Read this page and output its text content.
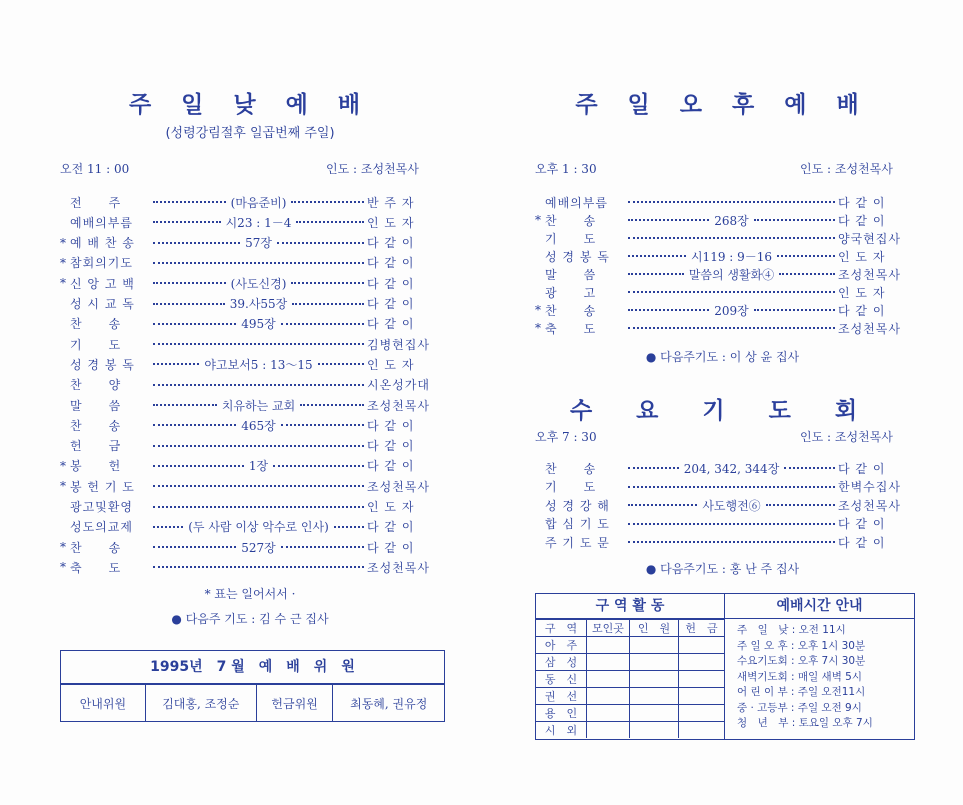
주 일 낮 예 배
(성령강림절후 일곱번째 주일)
오전 11 : 00	인도 : 조성천목사
전　　주	(마음준비)	반 주 자
예배의부름	시23 : 1－4	인 도 자
* 예 배 찬 송	57장	다 같 이
* 참회의기도	다 같 이
* 신 앙 고 백	(사도신경)	다 같 이
성 시 교 독	39.사55장	다 같 이
찬　　송	495장	다 같 이
기　　도	김병현집사
성 경 봉 독	야고보서5 : 13～15	인 도 자
찬　　양	시온성가대
말　　씀	치유하는 교회	조성천목사
찬　　송	465장	다 같 이
헌　　금	다 같 이
* 봉　　헌	1장	다 같 이
* 봉 헌 기 도	조성천목사
광고및환영	인 도 자
성도의교제	(두 사람 이상 악수로 인사)	다 같 이
* 찬　　송	527장	다 같 이
* 축　　도	조성천목사
* 표는 일어서서 ·
● 다음주 기도 : 김 수 근 집사
1995년　7 월　예　배　위　원
안내위원	김대홍, 조정순	헌금위원	최동혜, 권유정
주 일 오 후 예 배
오후 1 : 30	인도 : 조성천목사
예배의부름	다 같 이
* 찬　　송	268장	다 같 이
기　　도	양국현집사
성 경 봉 독	시119 : 9－16	인 도 자
말　　씀	말씀의 생활화④	조성천목사
광　　고	인 도 자
* 찬　　송	209장	다 같 이
* 축　　도	조성천목사
● 다음주기도 : 이 상 윤 집사
수 요 기 도 회
오후 7 : 30	인도 : 조성천목사
찬　　송	204, 342, 344장	다 같 이
기　　도	한벽수집사
성 경 강 해	사도행전⑥	조성천목사
합 심 기 도	다 같 이
주 기 도 문	다 같 이
● 다음주기도 : 홍 난 주 집사
구 역 활 동
구　역	모인곳	인　원	헌　금
아　주			
삼　성			
동　신			
권　선			
용　인			
시　외			
예배시간 안내
주　일　낮 : 오전 11시
주 일 오 후 : 오후 1시 30분
수요기도회 : 오후 7시 30분
새벽기도회 : 매일 새벽 5시
어 린 이 부 : 주일 오전11시
중 · 고등부 : 주일 오전 9시
청　년　부 : 토요일 오후 7시
